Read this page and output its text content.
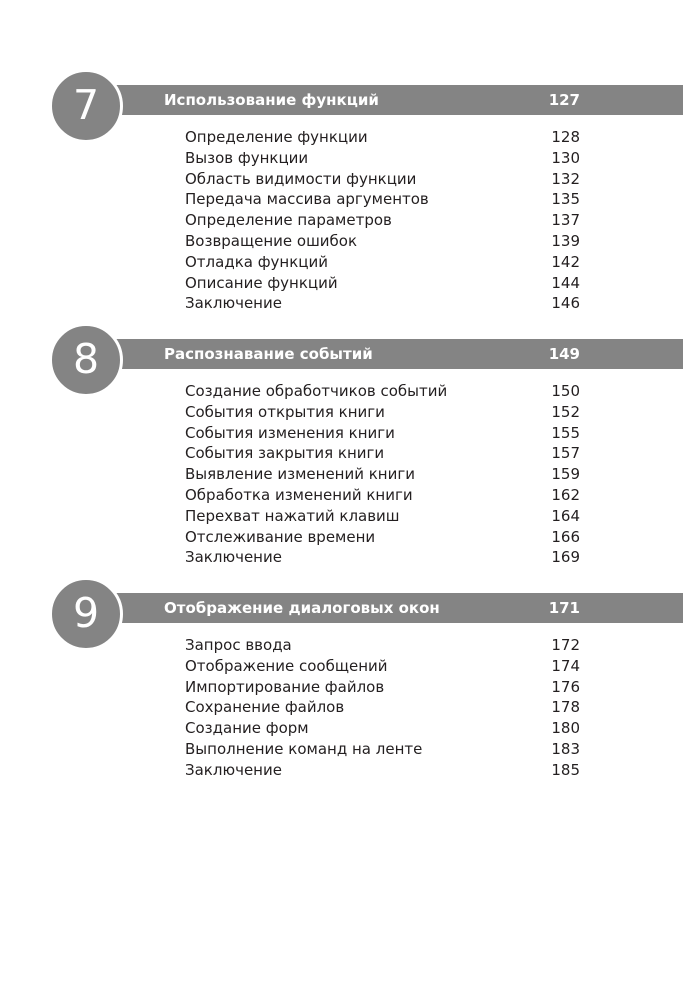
7	Использование функций	127
Определение функции	128
Вызов функции	130
Область видимости функции	132
Передача массива аргументов	135
Определение параметров	137
Возвращение ошибок	139
Отладка функций	142
Описание функций	144
Заключение	146
8	Распознавание событий	149
Создание обработчиков событий	150
События открытия книги	152
События изменения книги	155
События закрытия книги	157
Выявление изменений книги	159
Обработка изменений книги	162
Перехват нажатий клавиш	164
Отслеживание времени	166
Заключение	169
9	Отображение диалоговых окон	171
Запрос ввода	172
Отображение сообщений	174
Импортирование файлов	176
Сохранение файлов	178
Создание форм	180
Выполнение команд на ленте	183
Заключение	185
